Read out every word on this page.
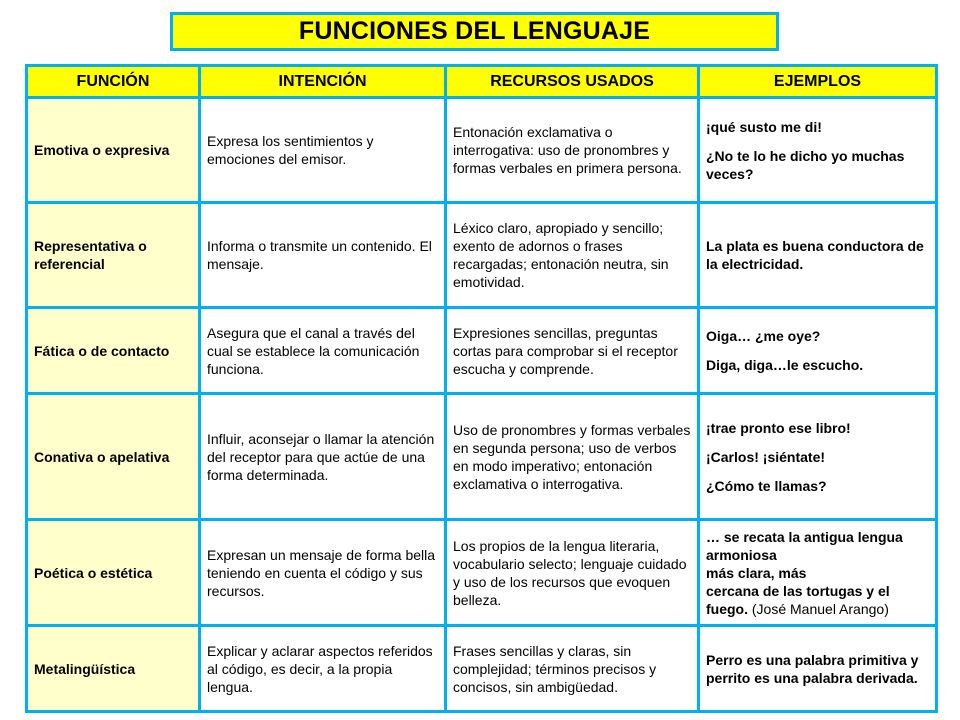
FUNCIONES DEL LENGUAJE
FUNCIÓN	INTENCIÓN	RECURSOS USADOS	EJEMPLOS
Emotiva o expresiva	Expresa los sentimientos y emociones del emisor.	Entonación exclamativa o interrogativa: uso de pronombres y formas verbales en primera persona.	¡qué susto me di!

¿No te lo he dicho yo muchas veces?

Representativa o referencial	Informa o transmite un contenido. El mensaje.	Léxico claro, apropiado y sencillo; exento de adornos o frases recargadas; entonación neutra, sin emotividad.	La plata es buena conductora de la electricidad.

Fática o de contacto	Asegura que el canal a través del cual se establece la comunicación funciona.	Expresiones sencillas, preguntas cortas para comprobar si el receptor escucha y comprende.	Oiga… ¿me oye?

Diga, diga…le escucho.

Conativa o apelativa	Influir, aconsejar o llamar la atención del receptor para que actúe de una forma determinada.	Uso de pronombres y formas verbales en segunda persona; uso de verbos en modo imperativo; entonación exclamativa o interrogativa.	¡trae pronto ese libro!

¡Carlos! ¡siéntate!

¿Cómo te llamas?

Poética o estética	Expresan un mensaje de forma bella teniendo en cuenta el código y sus recursos.	Los propios de la lengua literaria, vocabulario selecto; lenguaje cuidado y uso de los recursos que evoquen belleza.	… se recata la antigua lengua armoniosa
más clara, más
cercana de las tortugas y el fuego. (José Manuel Arango)

Metalingüística	Explicar y aclarar aspectos referidos al código, es decir, a la propia lengua.	Frases sencillas y claras, sin complejidad; términos precisos y concisos, sin ambigüedad.	Perro es una palabra primitiva y perrito es una palabra derivada.
